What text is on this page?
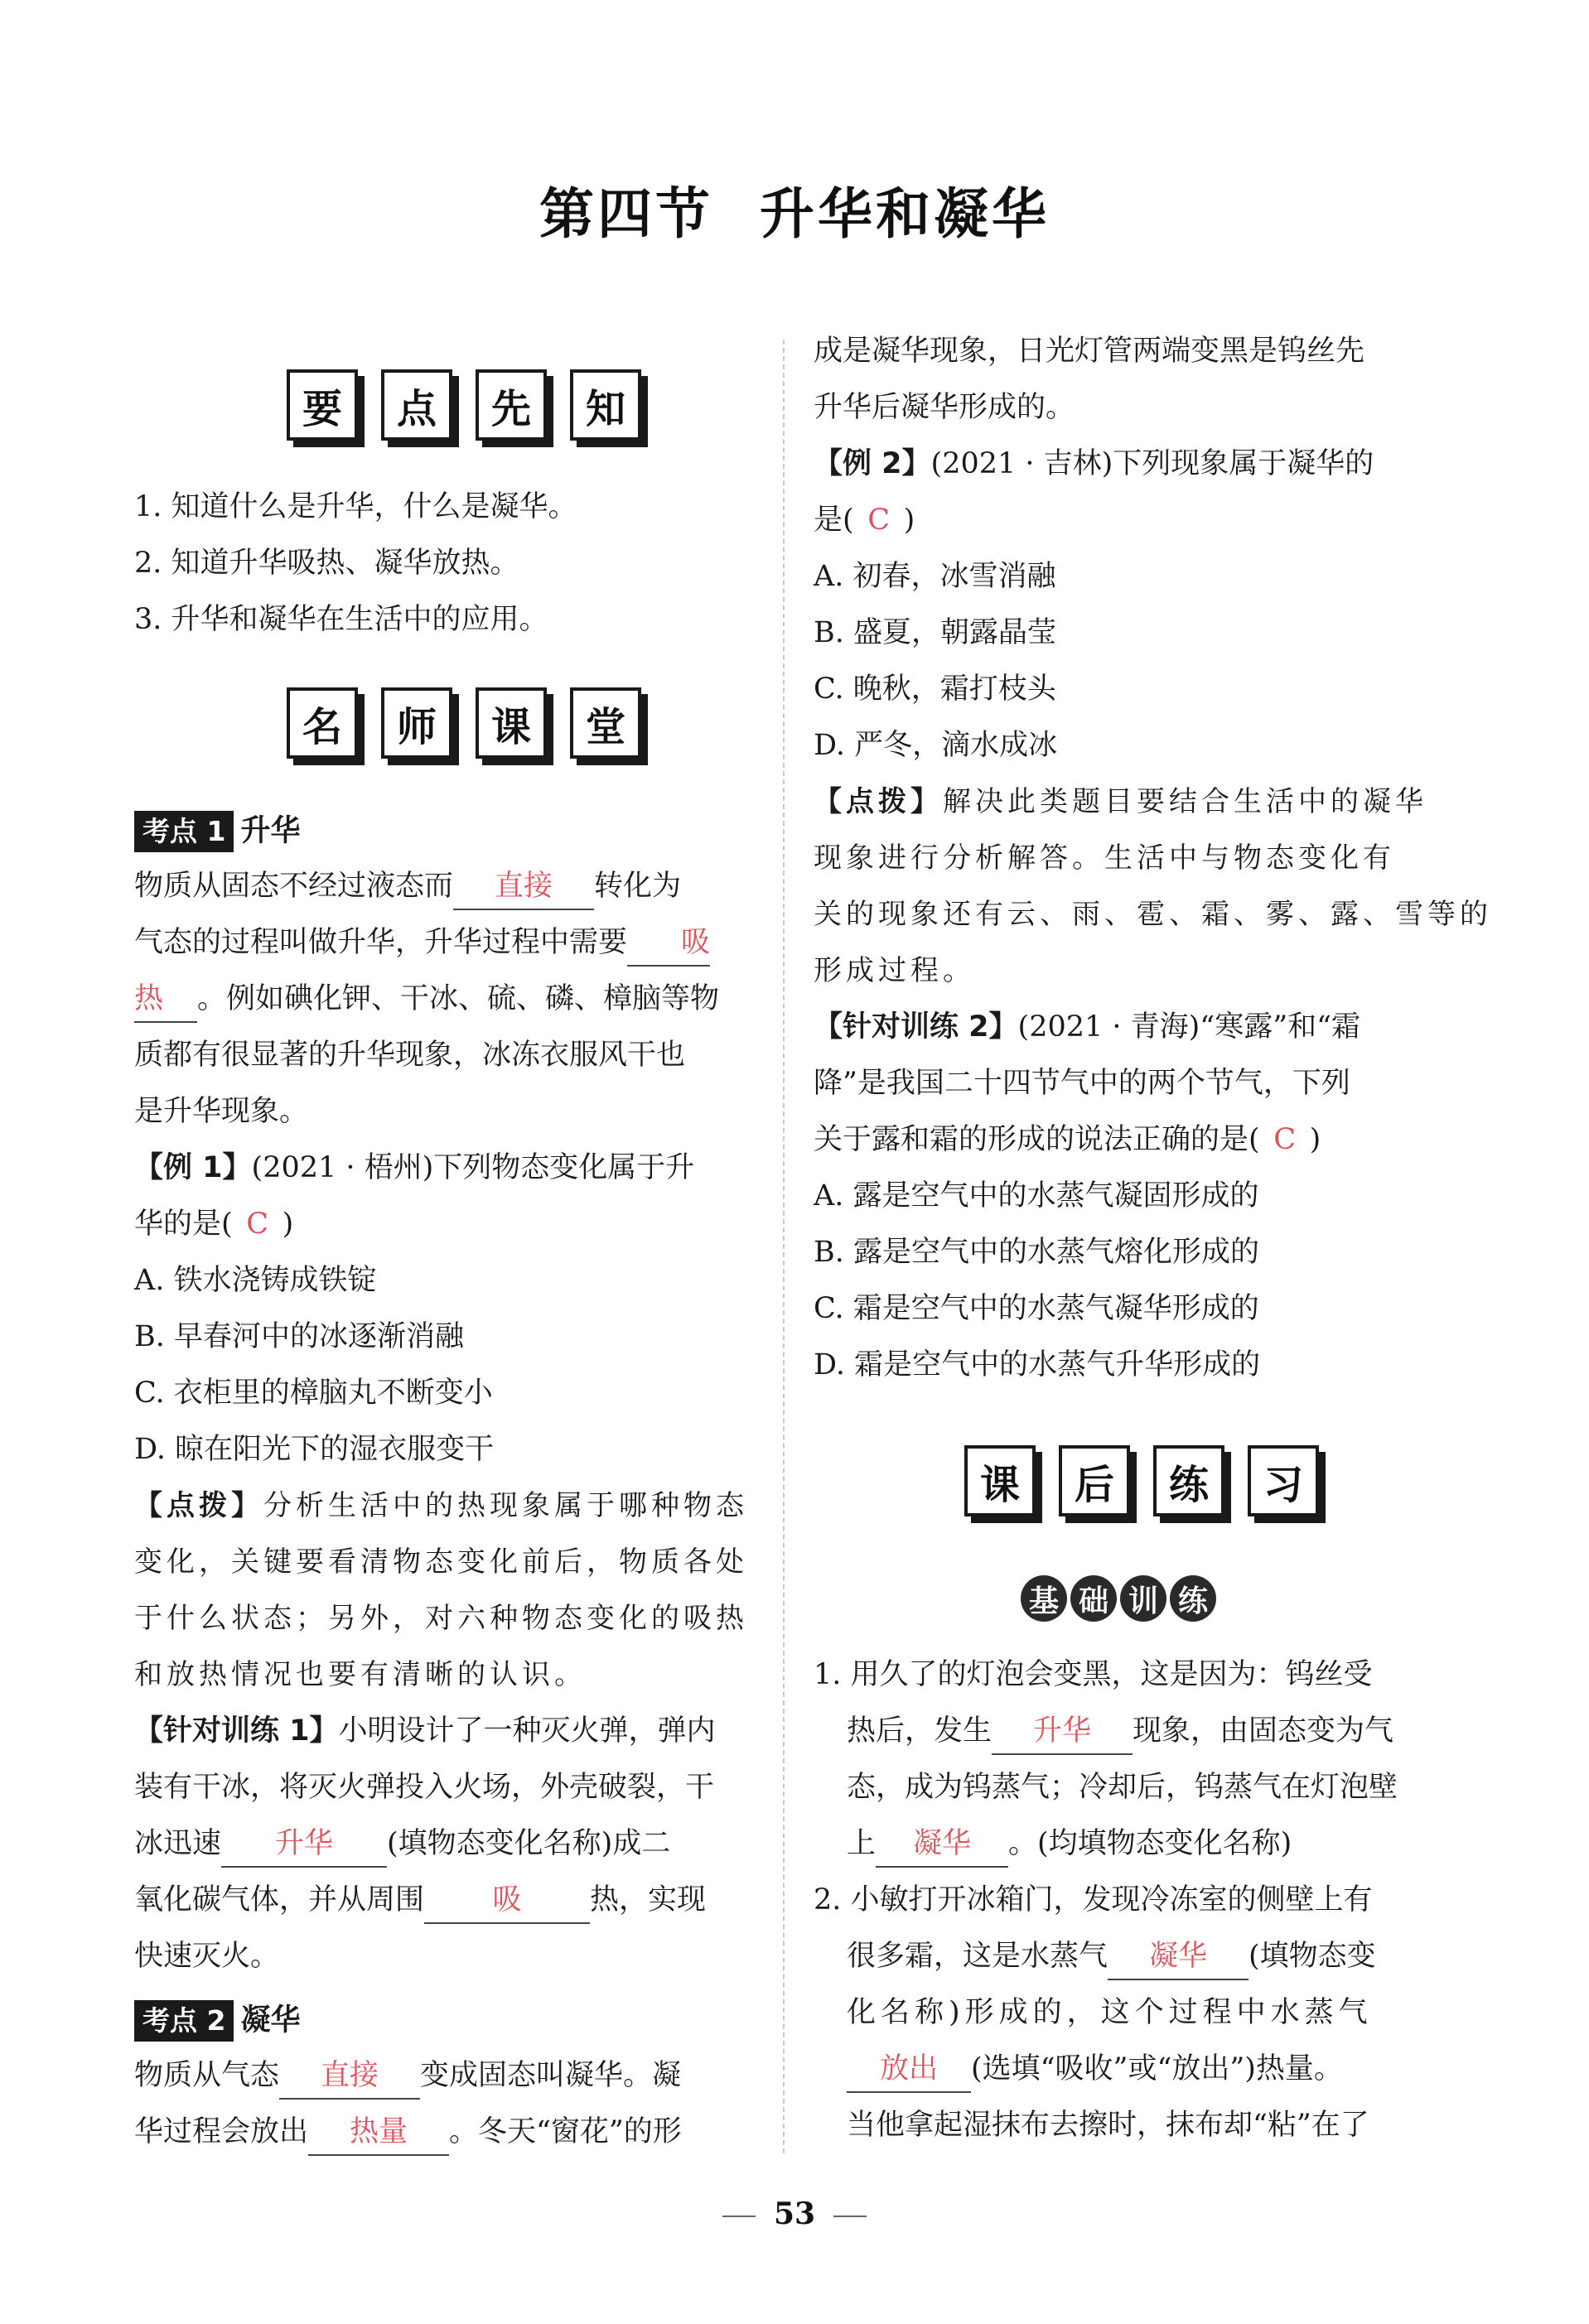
第四节 升华和凝华
要	点	先	知
1. 知道什么是升华，什么是凝华。
2. 知道升华吸热、凝华放热。
3. 升华和凝华在生活中的应用。
名	师	课	堂
考点 1 升华
物质从固态不经过液态而 直接 转化为
气态的过程叫做升华，升华过程中需要 吸
热 。例如碘化钾、干冰、硫、磷、樟脑等物
质都有很显著的升华现象，冰冻衣服风干也
是升华现象。
【例 1】(2021 · 梧州)下列物态变化属于升
华的是( C )
A. 铁水浇铸成铁锭
B. 早春河中的冰逐渐消融
C. 衣柜里的樟脑丸不断变小
D. 晾在阳光下的湿衣服变干
【点拨】分析生活中的热现象属于哪种物态
变化，关键要看清物态变化前后，物质各处
于什么状态；另外，对六种物态变化的吸热
和放热情况也要有清晰的认识。
【针对训练 1】小明设计了一种灭火弹，弹内
装有干冰，将灭火弹投入火场，外壳破裂，干
冰迅速 升华 (填物态变化名称)成二
氧化碳气体，并从周围 吸 热，实现
快速灭火。
考点 2 凝华
物质从气态 直接 变成固态叫凝华。凝
华过程会放出 热量 。冬天“窗花”的形
成是凝华现象，日光灯管两端变黑是钨丝先
升华后凝华形成的。
【例 2】(2021 · 吉林)下列现象属于凝华的
是( C )
A. 初春，冰雪消融
B. 盛夏，朝露晶莹
C. 晚秋，霜打枝头
D. 严冬，滴水成冰
【点拨】解决此类题目要结合生活中的凝华
现象进行分析解答。生活中与物态变化有
关的现象还有云、雨、雹、霜、雾、露、雪等的
形成过程。
【针对训练 2】(2021 · 青海)“寒露”和“霜
降”是我国二十四节气中的两个节气，下列
关于露和霜的形成的说法正确的是( C )
A. 露是空气中的水蒸气凝固形成的
B. 露是空气中的水蒸气熔化形成的
C. 霜是空气中的水蒸气凝华形成的
D. 霜是空气中的水蒸气升华形成的
课	后	练	习
基 础 训 练
1. 用久了的灯泡会变黑，这是因为：钨丝受
热后，发生 升华 现象，由固态变为气
态，成为钨蒸气；冷却后，钨蒸气在灯泡壁
上 凝华 。(均填物态变化名称)
2. 小敏打开冰箱门，发现冷冻室的侧壁上有
很多霜，这是水蒸气 凝华 (填物态变
化名称)形成的，这个过程中水蒸气
放出 (选填“吸收”或“放出”)热量。
当他拿起湿抹布去擦时，抹布却“粘”在了
53
